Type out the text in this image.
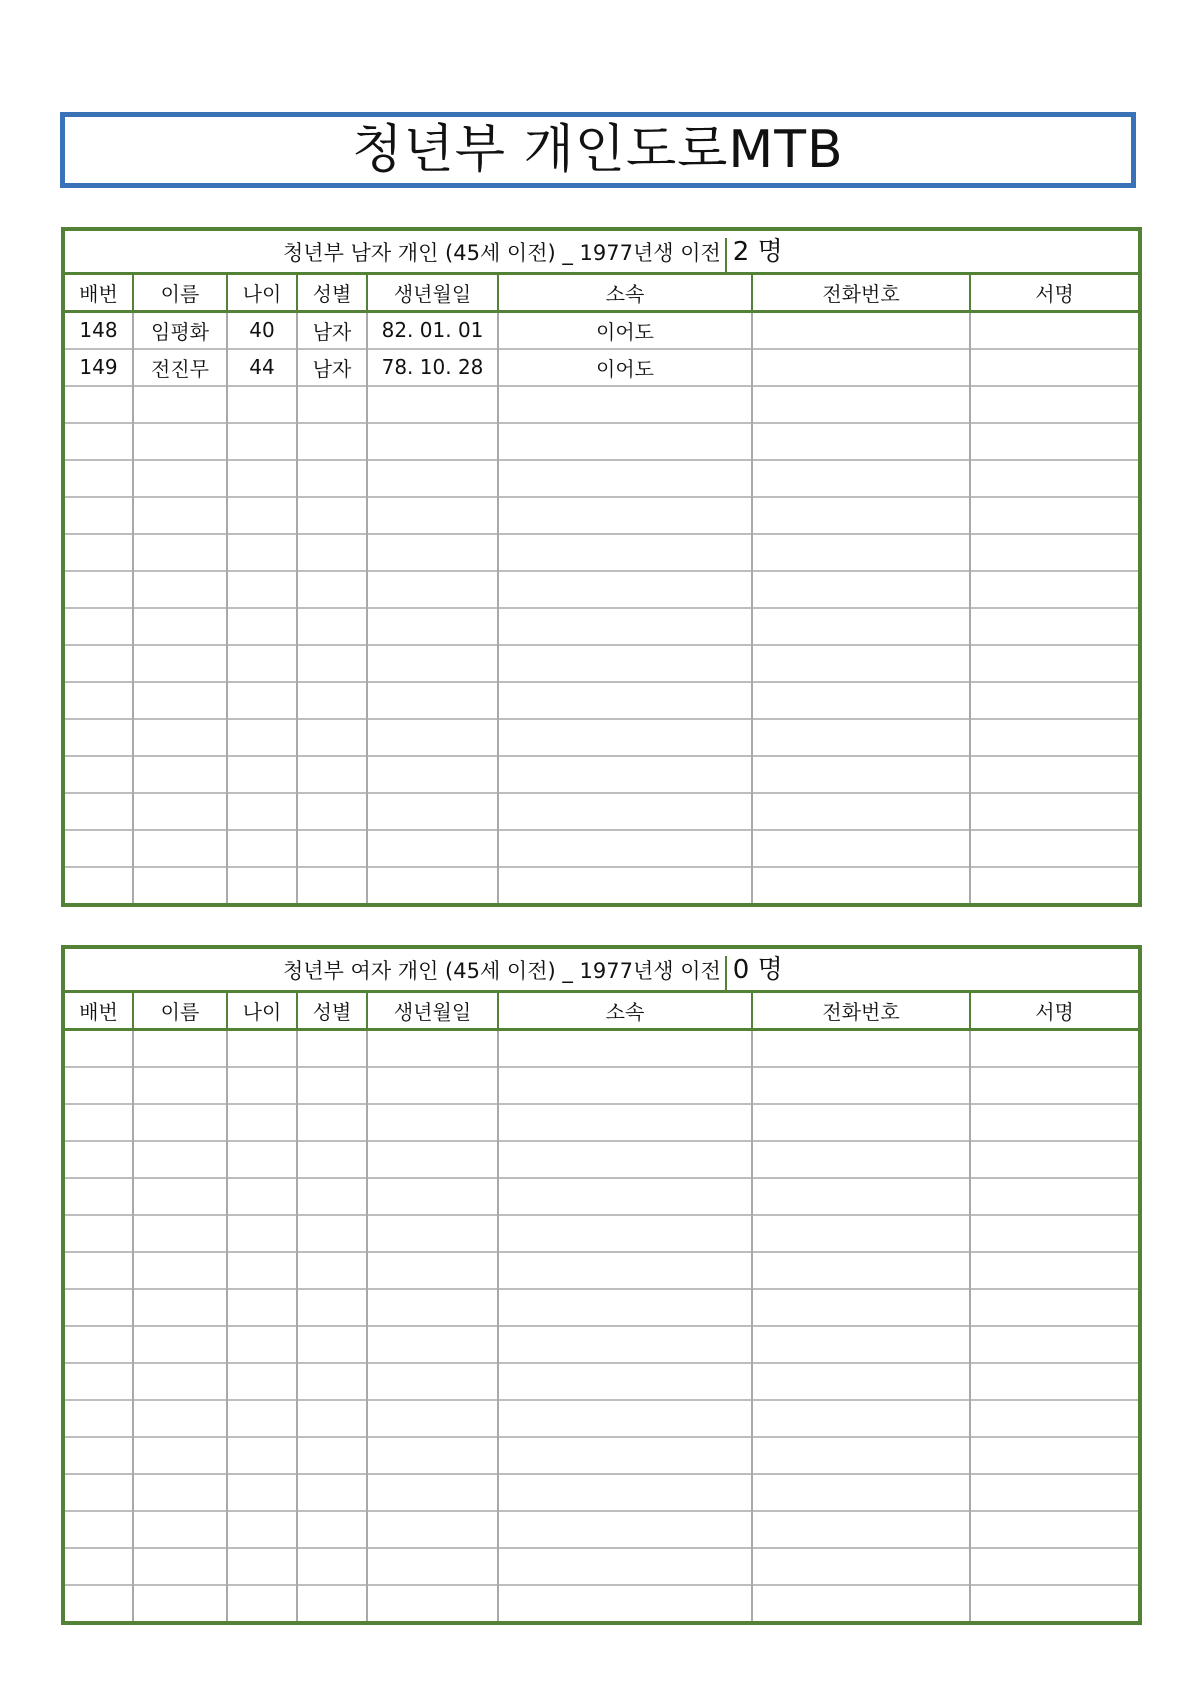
청년부 개인도로MTB
청년부 남자 개인 (45세 이전) _ 1977년생 이전 2 명							
배번	이름	나이	성별	생년월일	소속	전화번호	서명
148	임평화	40	남자	82. 01. 01	이어도		
149	전진무	44	남자	78. 10. 28	이어도		

청년부 여자 개인 (45세 이전) _ 1977년생 이전 0 명							
배번	이름	나이	성별	생년월일	소속	전화번호	서명
